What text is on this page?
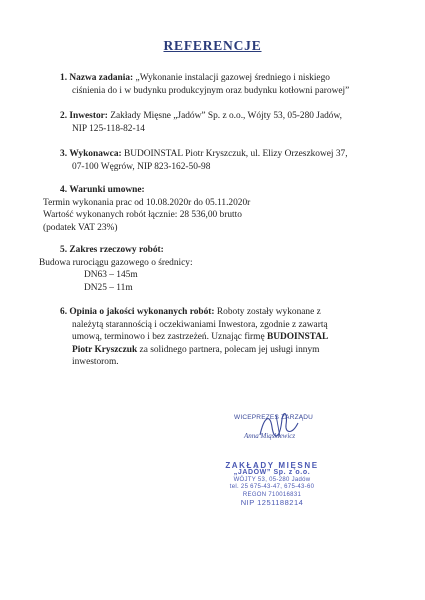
REFERENCJE
1. Nazwa zadania: „Wykonanie instalacji gazowej średniego i niskiego
ciśnienia do i w budynku produkcyjnym oraz budynku kotłowni parowej”
2. Inwestor: Zakłady Mięsne „Jadów” Sp. z o.o., Wójty 53, 05-280 Jadów,
NIP 125-118-82-14
3. Wykonawca: BUDOINSTAL Piotr Kryszczuk, ul. Elizy Orzeszkowej 37,
07-100 Węgrów, NIP 823-162-50-98
4. Warunki umowne:
Termin wykonania prac od 10.08.2020r do 05.11.2020r
Wartość wykonanych robót łącznie: 28 536,00 brutto
(podatek VAT 23%)
5. Zakres rzeczowy robót:
Budowa rurociągu gazowego o średnicy:
DN63 – 145m
DN25 – 11m
6. Opinia o jakości wykonanych robót: Roboty zostały wykonane z
należytą starannością i oczekiwaniami Inwestora, zgodnie z zawartą
umową, terminowo i bez zastrzeżeń. Uznając firmę BUDOINSTAL
Piotr Kryszczuk za solidnego partnera, polecam jej usługi innym
inwestorom.
WICEPREZES ZARZĄDU
Anna Miąskiewicz
ZAKŁADY MIĘSNE
„JADÓW” Sp. z o.o.
WÓJTY 53, 05-280 Jadów
tel. 25 675-43-47, 675-43-60
REGON 710016831
NIP 1251188214
